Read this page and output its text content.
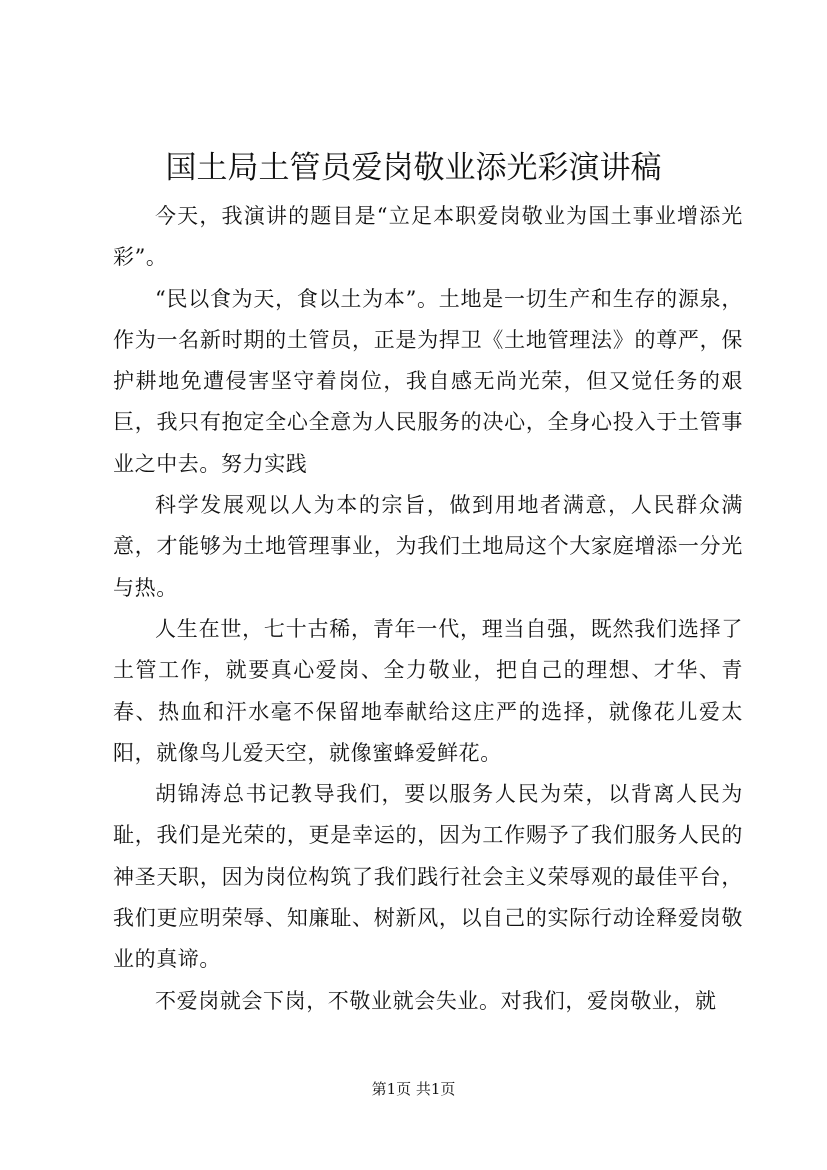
国土局土管员爱岗敬业添光彩演讲稿

今天，我演讲的题目是“立足本职爱岗敬业为国土事业增添光彩”。

“民以食为天，食以土为本”。土地是一切生产和生存的源泉，作为一名新时期的土管员，正是为捍卫《土地管理法》的尊严，保护耕地免遭侵害坚守着岗位，我自感无尚光荣，但又觉任务的艰巨，我只有抱定全心全意为人民服务的决心，全身心投入于土管事业之中去。努力实践

科学发展观以人为本的宗旨，做到用地者满意，人民群众满意，才能够为土地管理事业，为我们土地局这个大家庭增添一分光与热。

人生在世，七十古稀，青年一代，理当自强，既然我们选择了土管工作，就要真心爱岗、全力敬业，把自己的理想、才华、青春、热血和汗水毫不保留地奉献给这庄严的选择，就像花儿爱太阳，就像鸟儿爱天空，就像蜜蜂爱鲜花。

胡锦涛总书记教导我们，要以服务人民为荣，以背离人民为耻，我们是光荣的，更是幸运的，因为工作赐予了我们服务人民的神圣天职，因为岗位构筑了我们践行社会主义荣辱观的最佳平台，我们更应明荣辱、知廉耻、树新风，以自己的实际行动诠释爱岗敬业的真谛。

不爱岗就会下岗，不敬业就会失业。对我们，爱岗敬业，就

第1页 共1页
